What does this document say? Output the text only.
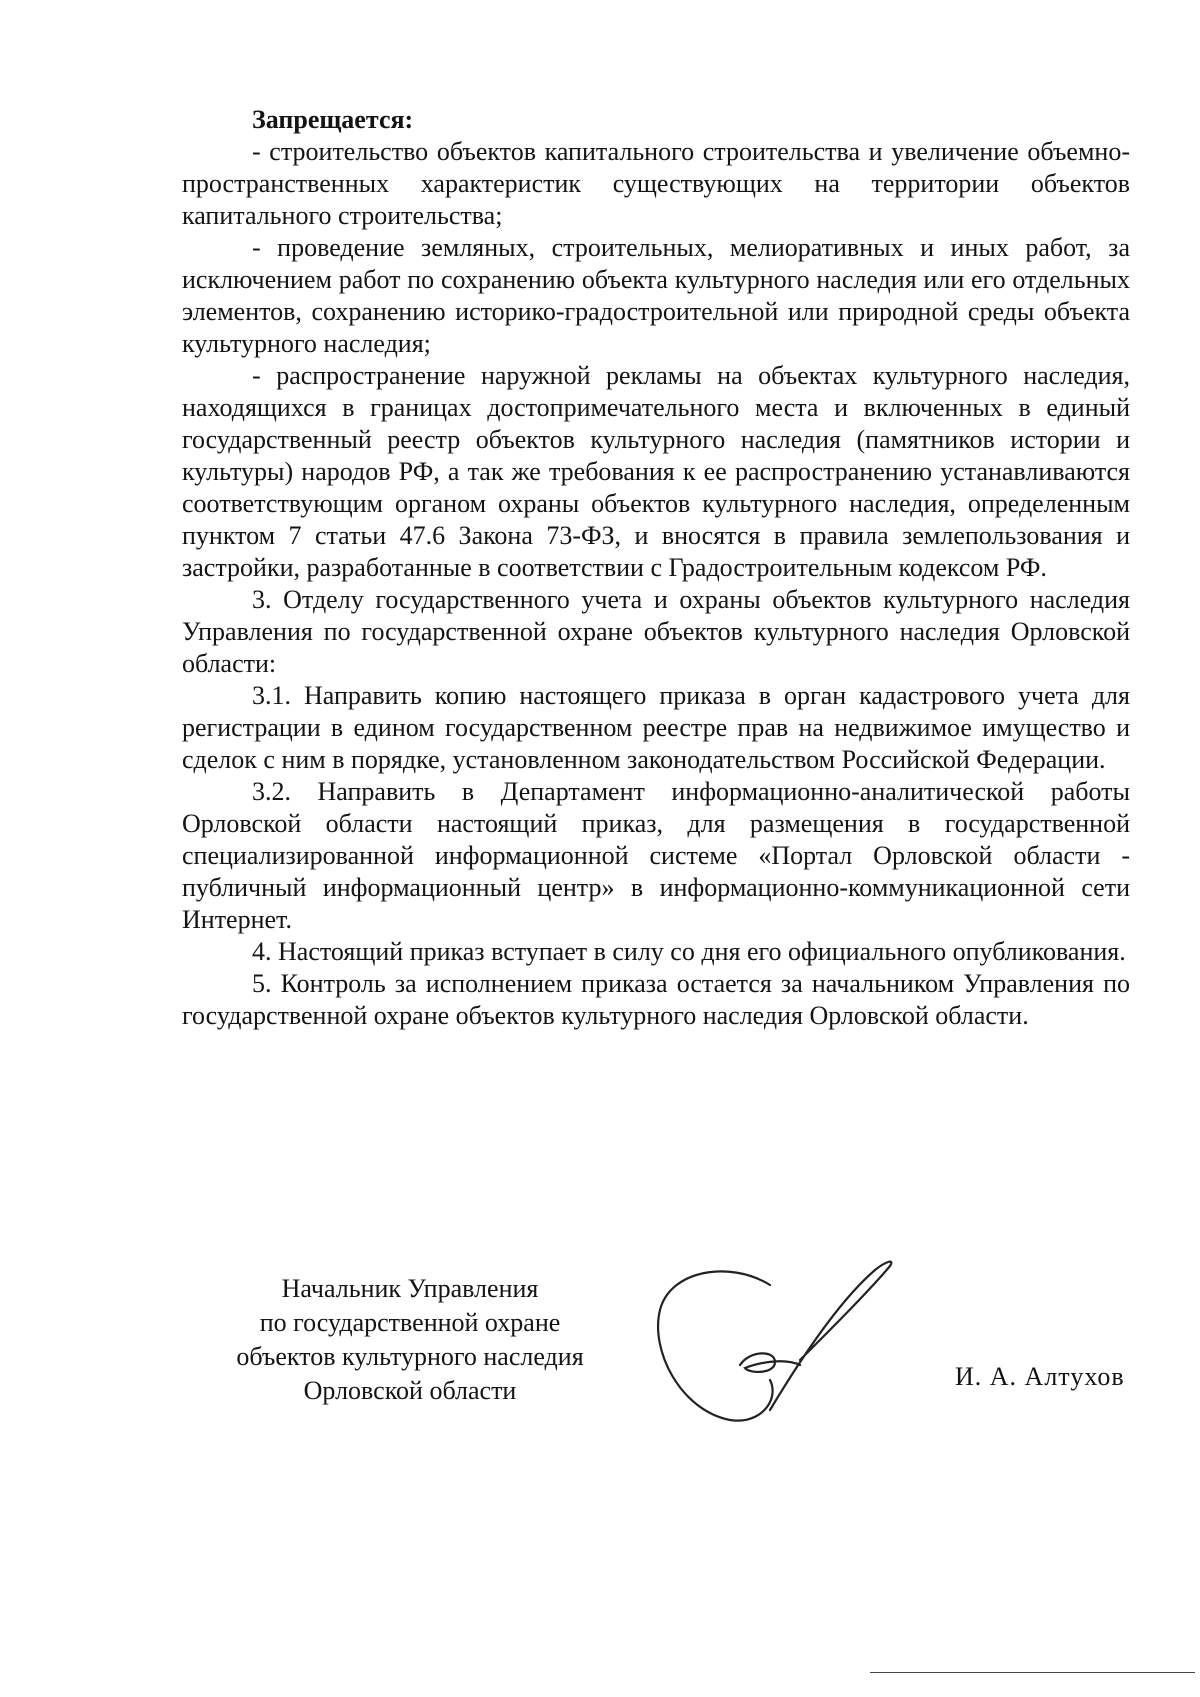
Запрещается:

- строительство объектов капитального строительства и увеличение объемно-пространственных характеристик существующих на территории объектов капитального строительства;

- проведение земляных, строительных, мелиоративных и иных работ, за исключением работ по сохранению объекта культурного наследия или его отдельных элементов, сохранению историко-градостроительной или природной среды объекта культурного наследия;

- распространение наружной рекламы на объектах культурного наследия, находящихся в границах достопримечательного места и включенных в единый государственный реестр объектов культурного наследия (памятников истории и культуры) народов РФ, а так же требования к ее распространению устанавливаются соответствующим органом охраны объектов культурного наследия, определенным пунктом 7 статьи 47.6 Закона 73-ФЗ, и вносятся в правила землепользования и застройки, разработанные в соответствии с Градостроительным кодексом РФ.

3. Отделу государственного учета и охраны объектов культурного наследия Управления по государственной охране объектов культурного наследия Орловской области:

3.1. Направить копию настоящего приказа в орган кадастрового учета для регистрации в едином государственном реестре прав на недвижимое имущество и сделок с ним в порядке, установленном законодательством Российской Федерации.

3.2. Направить в Департамент информационно-аналитической работы Орловской области настоящий приказ, для размещения в государственной специализированной информационной системе «Портал Орловской области - публичный информационный центр» в информационно-коммуникационной сети Интернет.

4. Настоящий приказ вступает в силу со дня его официального опубликования.

5. Контроль за исполнением приказа остается за начальником Управления по государственной охране объектов культурного наследия Орловской области.

Начальник Управления
по государственной охране
объектов культурного наследия
Орловской области	И. А. Алтухов
